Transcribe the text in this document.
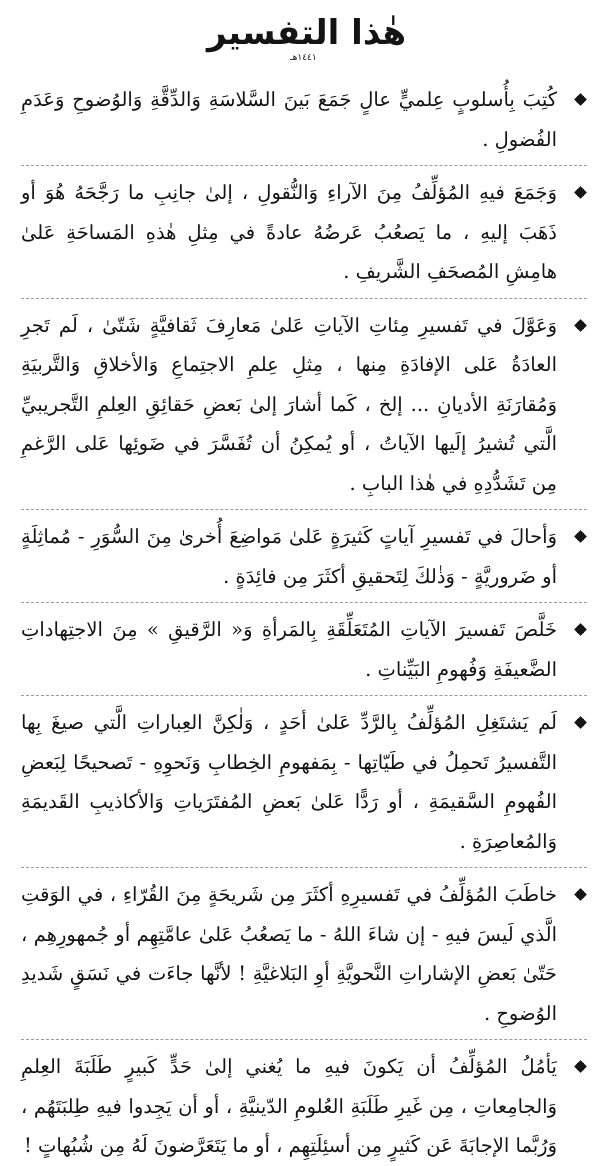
هٰذا التفسير
١٤٤١هـ
كُتِبَ بِأُسلوبٍ عِلميٍّ عالٍ جَمَعَ بَينَ السَّلاسَةِ وَالدِّقَّةِ وَالوُضوحِ وَعَدَمِ الفُضولِ .
وَجَمَعَ فيهِ المُؤلِّفُ مِنَ الآراءِ وَالنُّقولِ ، إلىٰ جانِبِ ما رَجَّحَهُ هُوَ أو ذَهَبَ إليهِ ، ما يَصعُبُ عَرضُهُ عادةً في مِثلِ هٰذهِ المَساحَةِ عَلىٰ هامِشِ المُصحَفِ الشَّريفِ .
وَعَوَّلَ في تَفسيرِ مِئاتِ الآياتِ عَلىٰ مَعارِفَ ثَقافيَّةٍ شَتّىٰ ، لَم تَجرِ العادَةُ عَلى الإفادَةِ مِنها ، مِثلِ عِلمِ الاجتِماعِ وَالأخلاقِ وَالتَّربيَةِ وَمُقارَنَةِ الأديانِ ... إلخ ، كَما أشارَ إلىٰ بَعضِ حَقائِقِ العِلمِ التَّجريبيِّ الَّتي تُشيرُ إلَيها الآياتُ ، أو يُمكِنُ أن تُفَسَّرَ في ضَوئِها عَلى الرَّغمِ مِن تَشَدُّدِهِ في هٰذا البابِ .
وَأحالَ في تَفسيرِ آياتٍ كَثيرَةٍ عَلىٰ مَواضِعَ أُخرىٰ مِنَ السُّوَرِ - مُماثِلَةٍ أو ضَروريَّةٍ - وَذٰلكَ لِتَحقيقِ أكثَرَ مِن فائِدَةٍ .
خَلَّصَ تَفسيرَ الآياتِ المُتَعَلِّقَةِ بِالمَرأةِ وَ« الرَّقيقِ » مِنَ الاجتِهاداتِ الضَّعيفَةِ وَفُهومِ البَيِّناتِ .
لَم يَشتَغِلِ المُؤلِّفُ بِالرَّدِّ عَلىٰ أحَدٍ ، وَلٰكِنَّ العِباراتِ الَّتي صيغَ بِها التَّفسيرُ تَحمِلُ في طَيّاتِها - بِمَفهومِ الخِطابِ وَنَحوِهِ - تَصحيحًا لِبَعضِ الفُهومِ السَّقيمَةِ ، أو رَدًّا عَلىٰ بَعضِ المُفتَرَياتِ وَالأكاذيبِ القَديمَةِ وَالمُعاصِرَةِ .
خاطَبَ المُؤلِّفُ في تَفسيرِهِ أكثَرَ مِن شَريحَةٍ مِنَ القُرّاءِ ، في الوَقتِ الَّذي لَيسَ فيهِ - إن شاءَ اللهُ - ما يَصعُبُ عَلىٰ عامَّتِهِم أو جُمهورِهِم ، حَتّىٰ بَعضِ الإشاراتِ النَّحويَّةِ أوِ البَلاغيَّةِ ! لأنَّها جاءَت في نَسَقٍ شَديدِ الوُضوحِ .
يَأمُلُ المُؤلِّفُ أن يَكونَ فيهِ ما يُغني إلىٰ حَدٍّ كَبيرٍ طَلَبَةَ العِلمِ وَالجامِعاتِ ، مِن غَيرِ طَلَبَةِ العُلومِ الدّينيَّةِ ، أو أن يَجِدوا فيهِ طِلبَتَهُم ، وَرُبَّما الإجابَةَ عَن كَثيرٍ مِن أسئِلَتِهِم ، أو ما يَتَعَرَّضونَ لَهُ مِن شُبُهاتٍ !
